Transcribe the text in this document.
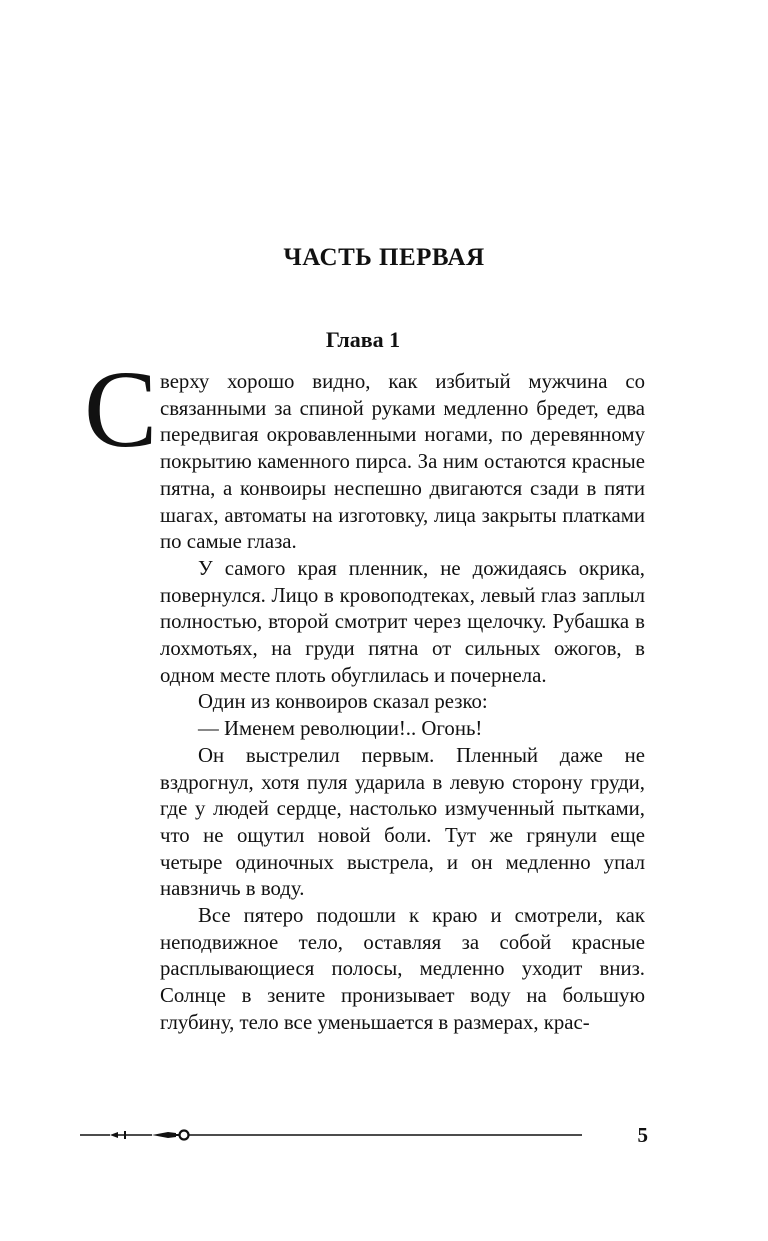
ЧАСТЬ ПЕРВАЯ
Глава 1
С верху хорошо видно, как избитый мужчина со связанными за спиной руками медленно бредет, едва передвигая окровавленными ногами, по деревянному покрытию каменного пирса. За ним остаются красные пятна, а конвоиры неспешно двигаются сзади в пяти шагах, автоматы на изготовку, лица закрыты платками по самые глаза.

У самого края пленник, не дожидаясь окрика, повернулся. Лицо в кровоподтеках, левый глаз заплыл полностью, второй смотрит через щелочку. Рубашка в лохмотьях, на груди пятна от сильных ожогов, в одном месте плоть обуглилась и почернела.

Один из конвоиров сказал резко:

— Именем революции!.. Огонь!

Он выстрелил первым. Пленный даже не вздрогнул, хотя пуля ударила в левую сторону груди, где у людей сердце, настолько измученный пытками, что не ощутил новой боли. Тут же грянули еще четыре одиночных выстрела, и он медленно упал навзничь в воду.

Все пятеро подошли к краю и смотрели, как неподвижное тело, оставляя за собой красные расплывающиеся полосы, медленно уходит вниз. Солнце в зените пронизывает воду на большую глубину, тело все уменьшается в размерах, крас-

5
